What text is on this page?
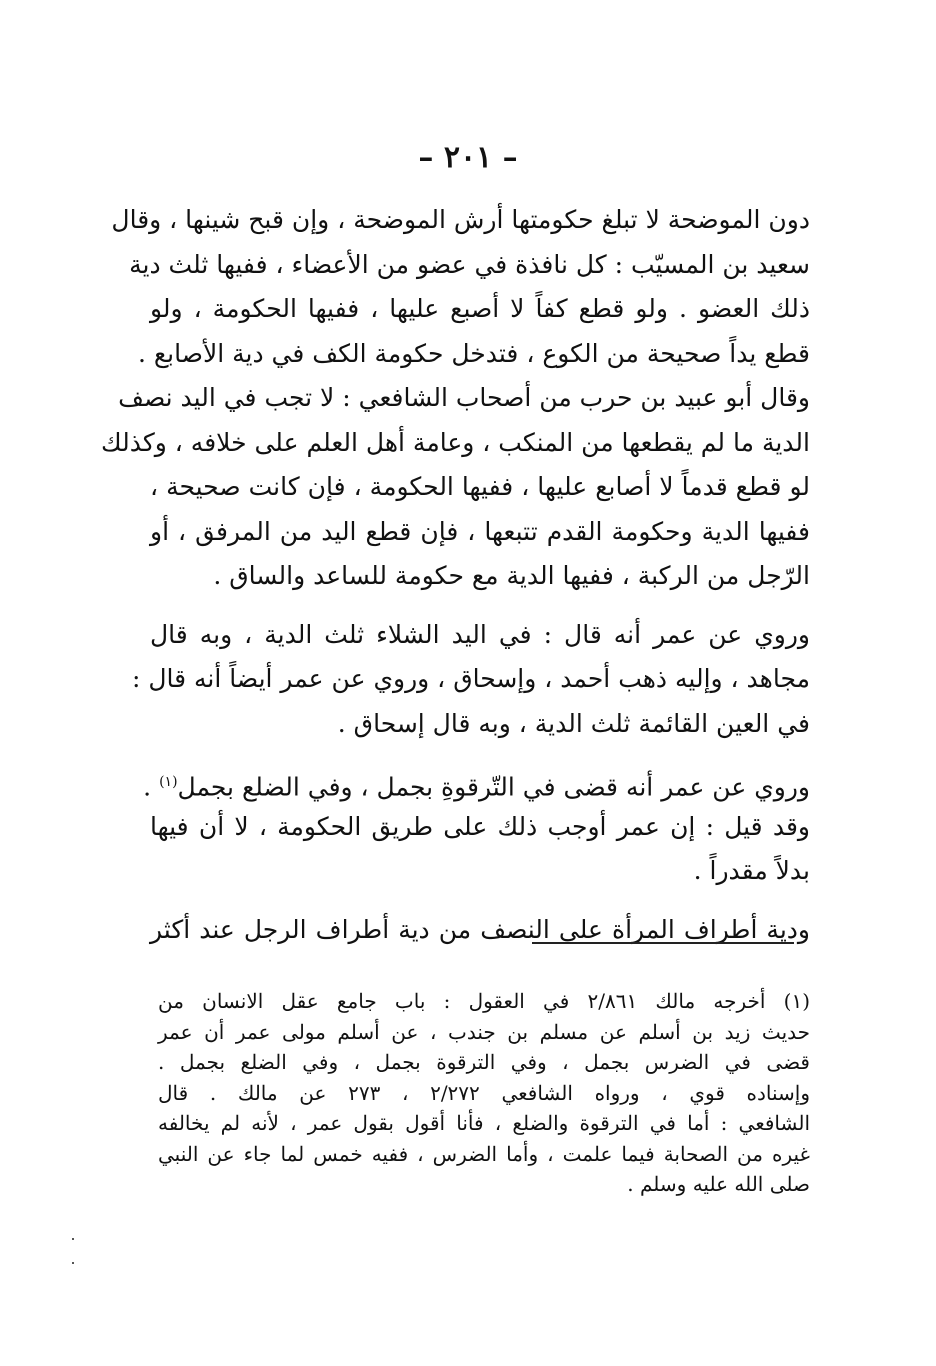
– ٢٠١ –
دون الموضحة لا تبلغ حكومتها أرش الموضحة ، وإن قبح شينها ، وقال
سعيد بن المسيّب : كل نافذة في عضو من الأعضاء ، ففيها ثلث دية
ذلك العضو . ولو قطع كفاً لا أصبع عليها ، ففيها الحكومة ، ولو
قطع يداً صحيحة من الكوع ، فتدخل حكومة الكف في دية الأصابع .
وقال أبو عبيد بن حرب من أصحاب الشافعي : لا تجب في اليد نصف
الدية ما لم يقطعها من المنكب ، وعامة أهل العلم على خلافه ، وكذلك
لو قطع قدماً لا أصابع عليها ، ففيها الحكومة ، فإن كانت صحيحة ،
ففيها الدية وحكومة القدم تتبعها ، فإن قطع اليد من المرفق ، أو
الرّجل من الركبة ، ففيها الدية مع حكومة للساعد والساق .
وروي عن عمر أنه قال : في اليد الشلاء ثلث الدية ، وبه قال
مجاهد ، وإليه ذهب أحمد ، وإسحاق ، وروي عن عمر أيضاً أنه قال :
في العين القائمة ثلث الدية ، وبه قال إسحاق .
وروي عن عمر أنه قضى في التّرقوةِ بجمل ، وفي الضلع بجمل$^{(١)}$ .
وقد قيل : إن عمر أوجب ذلك على طريق الحكومة ، لا أن فيها
بدلاً مقدراً .
ودية أطراف المرأة على النصف من دية أطراف الرجل عند أكثر
(١) أخرجه مالك ٢/٨٦١ في العقول : باب جامع عقل الانسان من
حديث زيد بن أسلم عن مسلم بن جندب ، عن أسلم مولى عمر أن عمر
قضى في الضرس بجمل ، وفي الترقوة بجمل ، وفي الضلع بجمل .
وإسناده قوي ، ورواه الشافعي ٢/٢٧٢ ، ٢٧٣ عن مالك . قال
الشافعي : أما في الترقوة والضلع ، فأنا أقول بقول عمر ، لأنه لم يخالفه
غيره من الصحابة فيما علمت ، وأما الضرس ، ففيه خمس لما جاء عن النبي
صلى الله عليه وسلم .
